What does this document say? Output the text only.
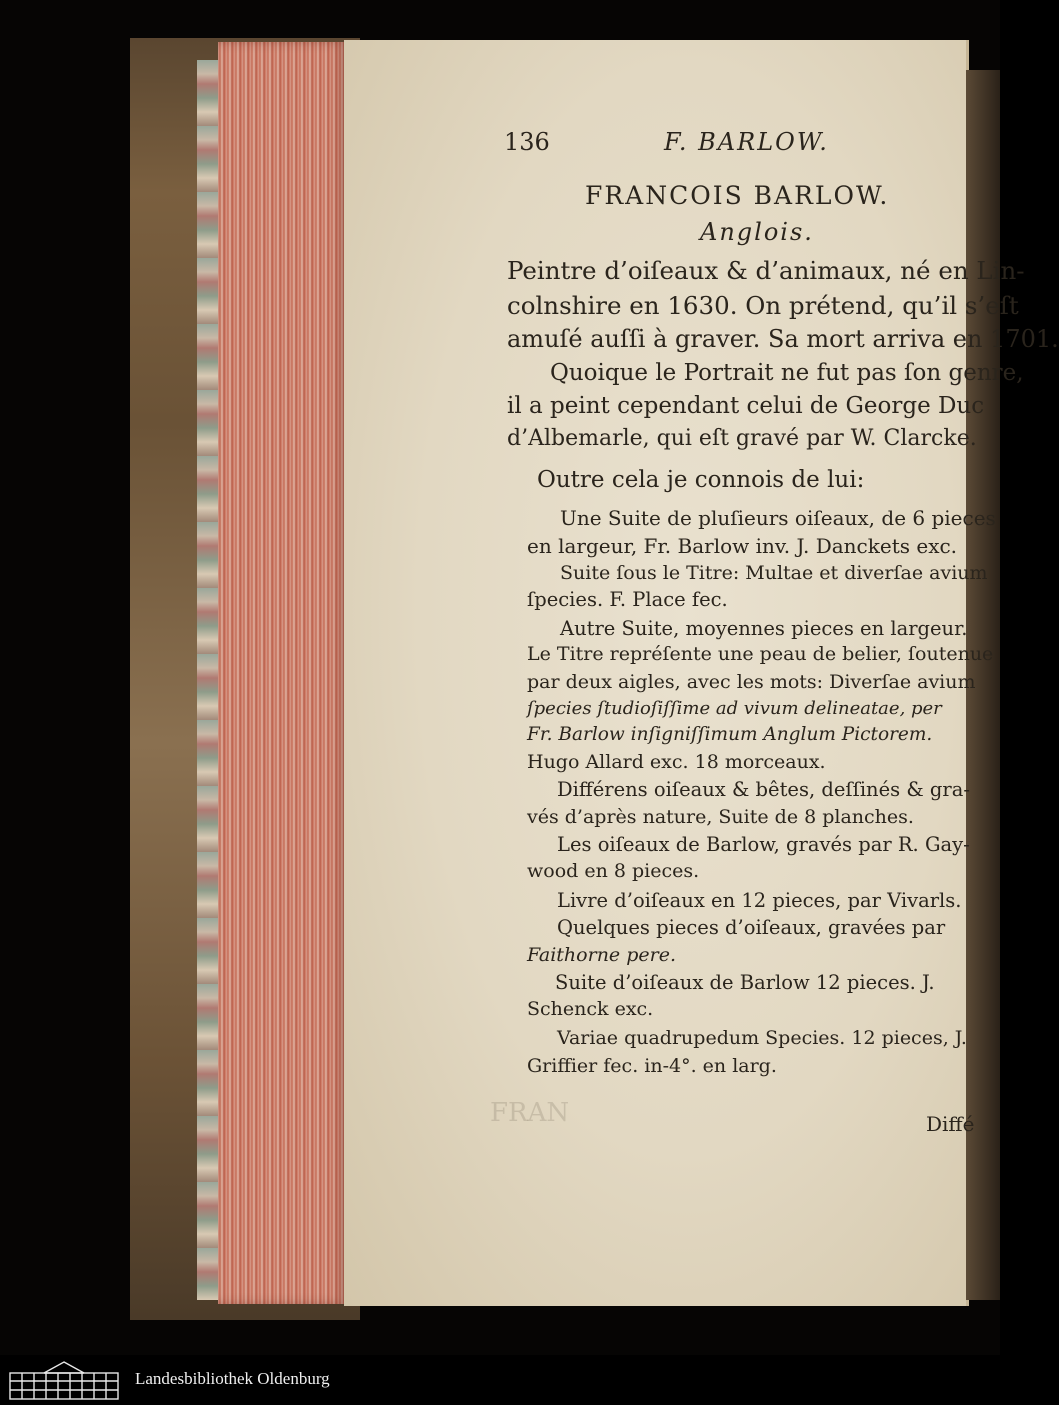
FRAN
136	F. BARLOW.
FRANCOIS BARLOW.
Anglois.
Peintre d’oiſeaux & d’animaux, né en Lin-
colnshire en 1630. On prétend, qu’il s’eſt
amuſé auſſi à graver. Sa mort arriva en 1701.
Quoique le Portrait ne fut pas ſon genre,
il a peint cependant celui de George Duc
d’Albemarle, qui eſt gravé par W. Clarcke.
Outre cela je connois de lui:
Une Suite de pluſieurs oiſeaux, de 6 pieces
en largeur, Fr. Barlow inv. J. Danckets exc.
Suite ſous le Titre: Multae et diverſae avium
ſpecies. F. Place fec.
Autre Suite, moyennes pieces en largeur.
Le Titre repréſente une peau de belier, ſoutenue
par deux aigles, avec les mots: Diverſae avium
ſpecies ſtudioſiſſime ad vivum delineatae, per
Fr. Barlow inſigniſſimum Anglum Pictorem.
Hugo Allard exc. 18 morceaux.
Différens oiſeaux & bêtes, deſſinés & gra-
vés d’après nature, Suite de 8 planches.
Les oiſeaux de Barlow, gravés par R. Gay-
wood en 8 pieces.
Livre d’oiſeaux en 12 pieces, par Vivarls.
Quelques pieces d’oiſeaux, gravées par
Faithorne pere.
Suite d’oiſeaux de Barlow 12 pieces. J.
Schenck exc.
Variae quadrupedum Species. 12 pieces, J.
Griffier fec. in-4°. en larg.
Diffé
Landesbibliothek Oldenburg
